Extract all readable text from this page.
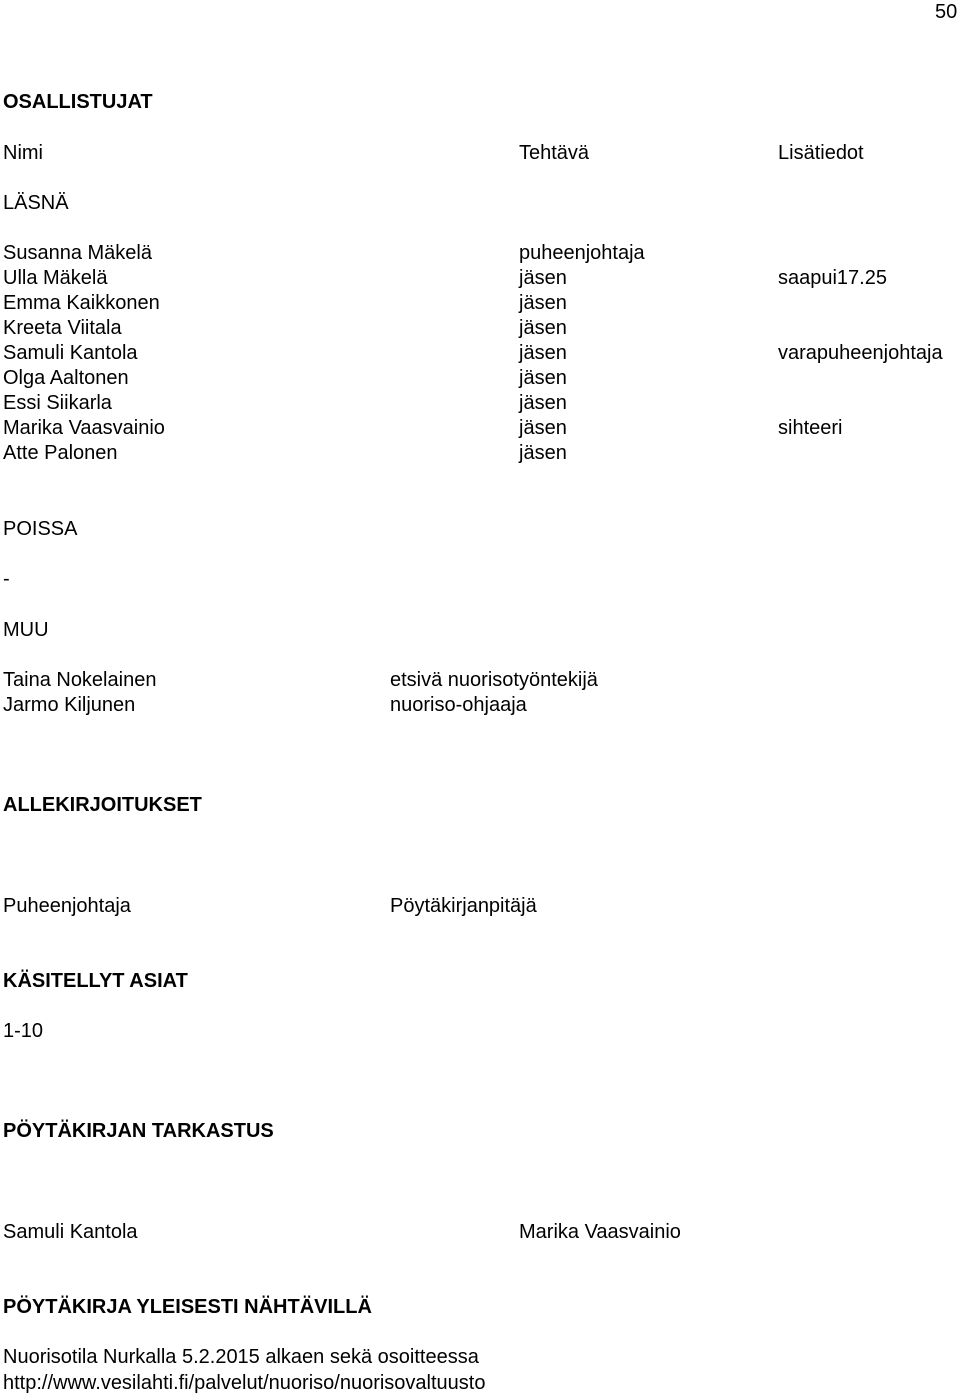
50
OSALLISTUJAT
Nimi	Tehtävä	Lisätiedot
LÄSNÄ
Susanna Mäkelä	puheenjohtaja
Ulla Mäkelä	jäsen	saapui17.25
Emma Kaikkonen	jäsen
Kreeta Viitala	jäsen
Samuli Kantola	jäsen	varapuheenjohtaja
Olga Aaltonen	jäsen
Essi Siikarla	jäsen
Marika Vaasvainio	jäsen	sihteeri
Atte Palonen	jäsen
POISSA
-
MUU
Taina Nokelainen	etsivä nuorisotyöntekijä
Jarmo Kiljunen	nuoriso-ohjaaja
ALLEKIRJOITUKSET
Puheenjohtaja	Pöytäkirjanpitäjä
KÄSITELLYT ASIAT
1-10
PÖYTÄKIRJAN TARKASTUS
Samuli Kantola	Marika Vaasvainio
PÖYTÄKIRJA YLEISESTI NÄHTÄVILLÄ
Nuorisotila Nurkalla 5.2.2015 alkaen sekä osoitteessa
http://www.vesilahti.fi/palvelut/nuoriso/nuorisovaltuusto
